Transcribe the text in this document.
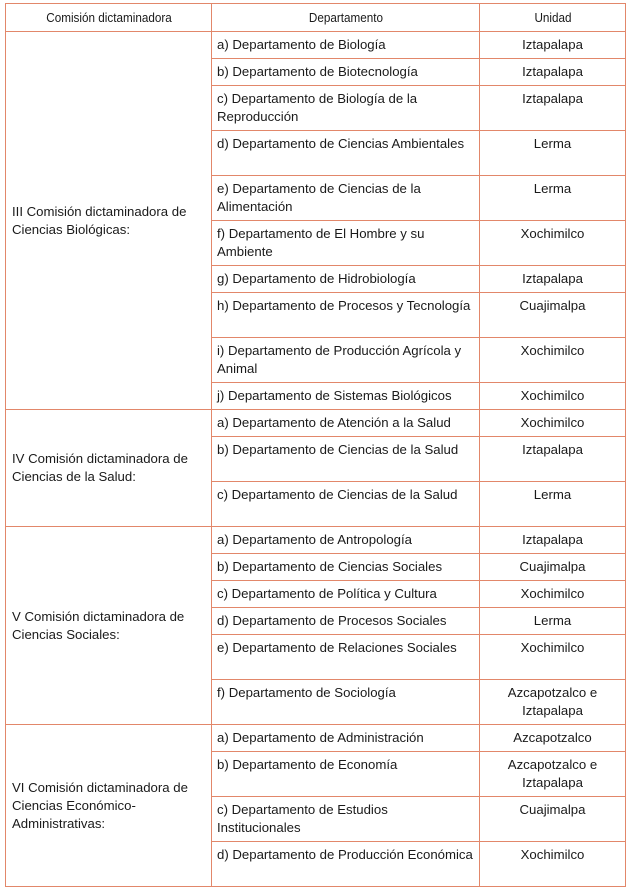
Comisión dictaminadora	Departamento	Unidad
III Comisión dictaminadora de Ciencias Biológicas:	a) Departamento de Biología	Iztapalapa
	b) Departamento de Biotecnología	Iztapalapa
	c) Departamento de Biología de la Reproducción	Iztapalapa
	d) Departamento de Ciencias Ambientales	Lerma
	e) Departamento de Ciencias de la Alimentación	Lerma
	f) Departamento de El Hombre y su Ambiente	Xochimilco
	g) Departamento de Hidrobiología	Iztapalapa
	h) Departamento de Procesos y Tecnología	Cuajimalpa
	i) Departamento de Producción Agrícola y Animal	Xochimilco
	j) Departamento de Sistemas Biológicos	Xochimilco
IV Comisión dictaminadora de Ciencias de la Salud:	a) Departamento de Atención a la Salud	Xochimilco
	b) Departamento de Ciencias de la Salud	Iztapalapa
	c) Departamento de Ciencias de la Salud	Lerma
V Comisión dictaminadora de Ciencias Sociales:	a) Departamento de Antropología	Iztapalapa
	b) Departamento de Ciencias Sociales	Cuajimalpa
	c) Departamento de Política y Cultura	Xochimilco
	d) Departamento de Procesos Sociales	Lerma
	e) Departamento de Relaciones Sociales	Xochimilco
	f) Departamento de Sociología	Azcapotzalco e Iztapalapa
VI Comisión dictaminadora de Ciencias Económico-Administrativas:	a) Departamento de Administración	Azcapotzalco
	b) Departamento de Economía	Azcapotzalco e Iztapalapa
	c) Departamento de Estudios Institucionales	Cuajimalpa
	d) Departamento de Producción Económica	Xochimilco
